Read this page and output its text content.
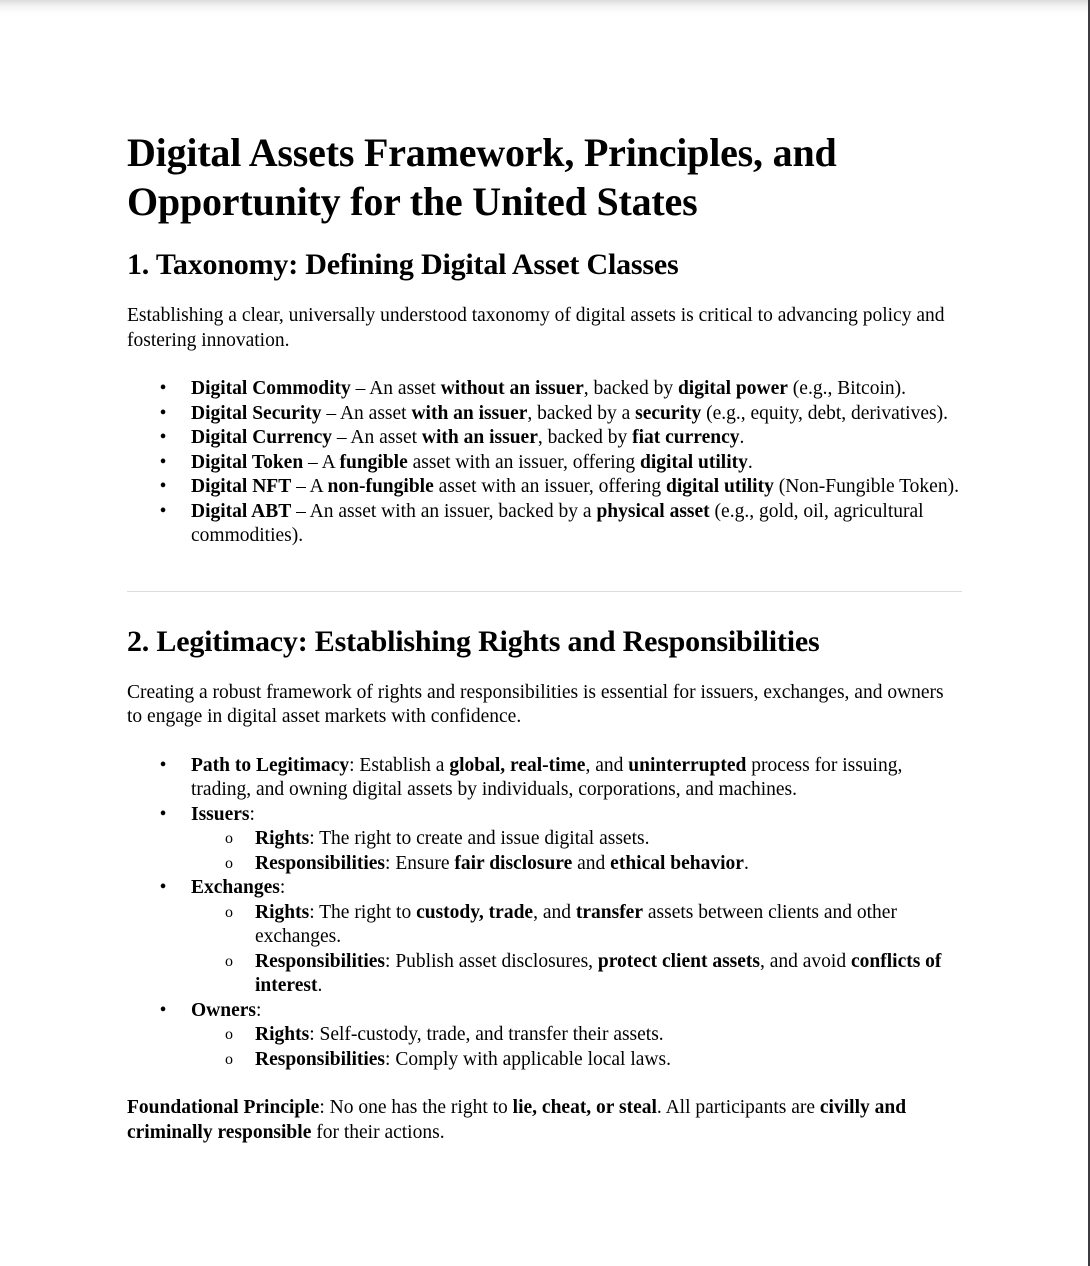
Digital Assets Framework, Principles, and Opportunity for the United States
1. Taxonomy: Defining Digital Asset Classes

Establishing a clear, universally understood taxonomy of digital assets is critical to advancing policy and fostering innovation.

• Digital Commodity – An asset without an issuer, backed by digital power (e.g., Bitcoin).
• Digital Security – An asset with an issuer, backed by a security (e.g., equity, debt, derivatives).
• Digital Currency – An asset with an issuer, backed by fiat currency.
• Digital Token – A fungible asset with an issuer, offering digital utility.
• Digital NFT – A non-fungible asset with an issuer, offering digital utility (Non-Fungible Token).
• Digital ABT – An asset with an issuer, backed by a physical asset (e.g., gold, oil, agricultural commodities).
2. Legitimacy: Establishing Rights and Responsibilities

Creating a robust framework of rights and responsibilities is essential for issuers, exchanges, and owners to engage in digital asset markets with confidence.

• Path to Legitimacy: Establish a global, real-time, and uninterrupted process for issuing, trading, and owning digital assets by individuals, corporations, and machines.
• Issuers:
o Rights: The right to create and issue digital assets.
o Responsibilities: Ensure fair disclosure and ethical behavior.
• Exchanges:
o Rights: The right to custody, trade, and transfer assets between clients and other exchanges.
o Responsibilities: Publish asset disclosures, protect client assets, and avoid conflicts of interest.
• Owners:
o Rights: Self-custody, trade, and transfer their assets.
o Responsibilities: Comply with applicable local laws.

Foundational Principle: No one has the right to lie, cheat, or steal. All participants are civilly and criminally responsible for their actions.
